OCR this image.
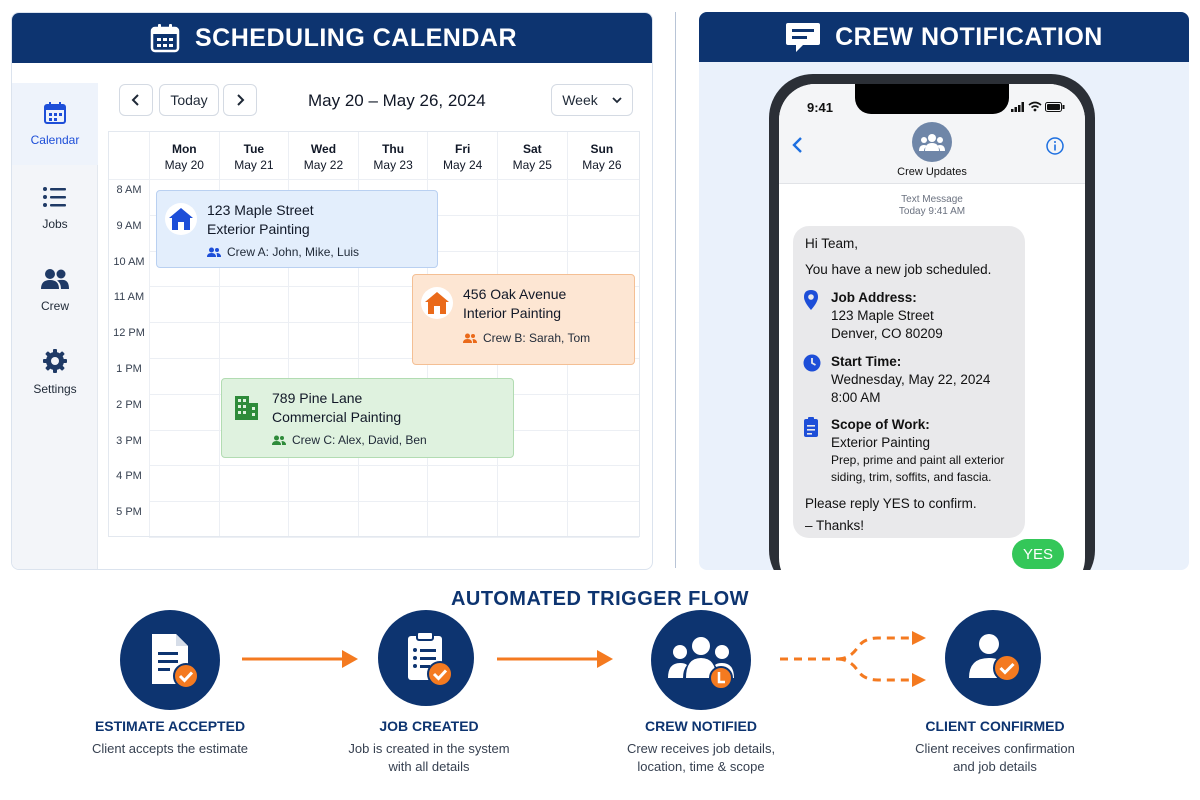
SCHEDULING CALENDAR
Calendar
Jobs
Crew
Settings
Today	May 20 – May 26, 2024	Week
Mon
May 20
Tue
May 21
Wed
May 22
Thu
May 23
Fri
May 24
Sat
May 25
Sun
May 26
8 AM
9 AM
10 AM
11 AM
12 PM
1 PM
2 PM
3 PM
4 PM
5 PM
123 Maple Street
Exterior Painting
Crew A: John, Mike, Luis
456 Oak Avenue
Interior Painting
Crew B: Sarah, Tom
789 Pine Lane
Commercial Painting
Crew C: Alex, David, Ben
CREW NOTIFICATION
9:41
Crew Updates
Text Message
Today 9:41 AM
Hi Team,
You have a new job scheduled.
Job Address:
123 Maple Street
Denver, CO 80209
Start Time:
Wednesday, May 22, 2024
8:00 AM
Scope of Work:
Exterior Painting
Prep, prime and paint all exterior
siding, trim, soffits, and fascia.
Please reply YES to confirm.
– Thanks!
YES
AUTOMATED TRIGGER FLOW
ESTIMATE ACCEPTED
Client accepts the estimate
JOB CREATED
Job is created in the system
with all details
CREW NOTIFIED
Crew receives job details,
location, time & scope
CLIENT CONFIRMED
Client receives confirmation
and job details
